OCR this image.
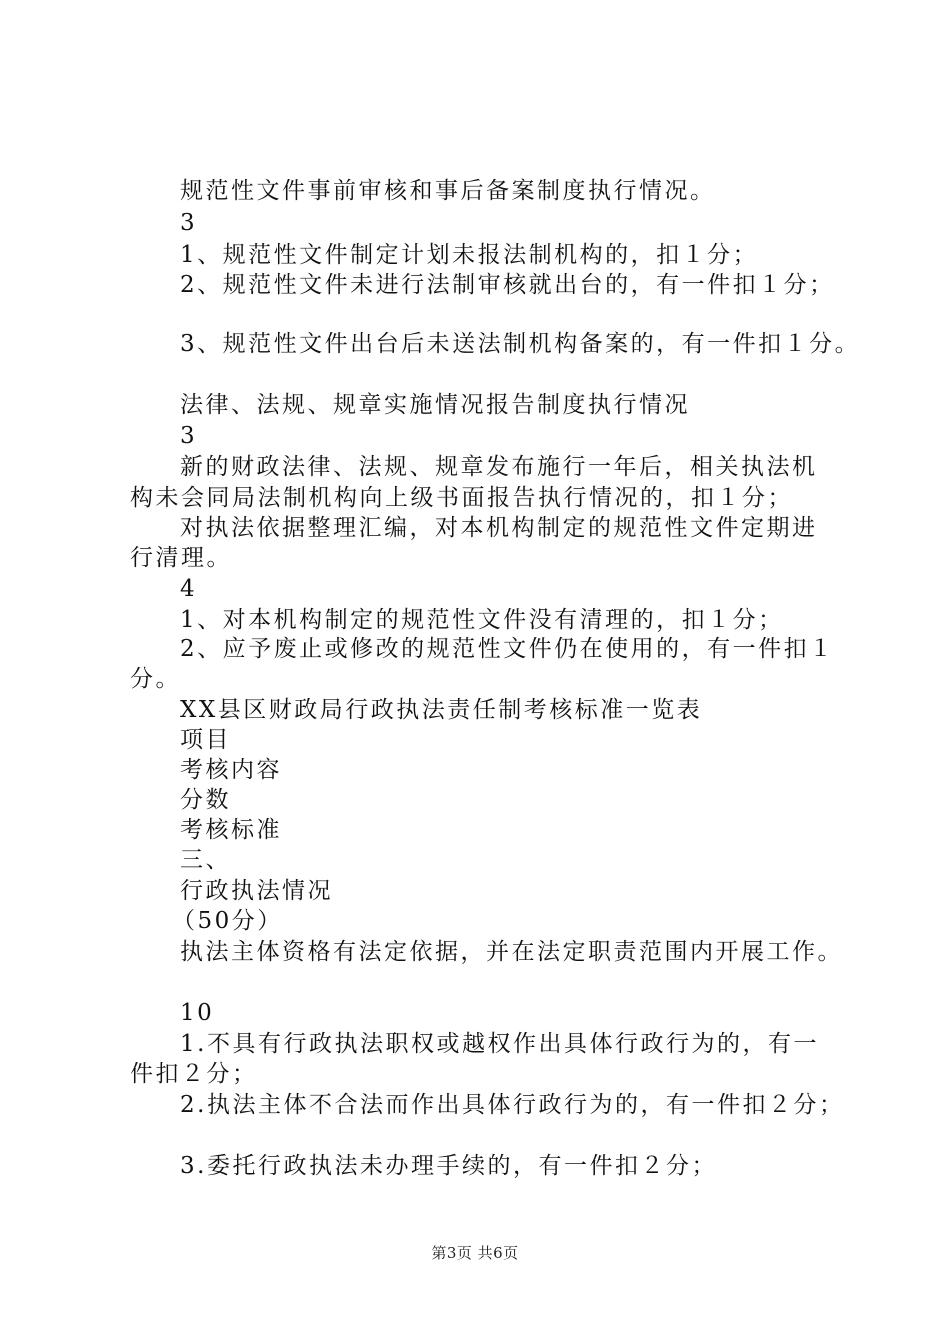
规范性文件事前审核和事后备案制度执行情况。
3
1、规范性文件制定计划未报法制机构的，扣１分；
2、规范性文件未进行法制审核就出台的，有一件扣１分；
3、规范性文件出台后未送法制机构备案的，有一件扣１分。
法律、法规、规章实施情况报告制度执行情况
3
新的财政法律、法规、规章发布施行一年后，相关执法机
构未会同局法制机构向上级书面报告执行情况的，扣１分；
对执法依据整理汇编，对本机构制定的规范性文件定期进
行清理。
4
1、对本机构制定的规范性文件没有清理的，扣１分；
2、应予废止或修改的规范性文件仍在使用的，有一件扣１
分。
XX县区财政局行政执法责任制考核标准一览表
项目
考核内容
分数
考核标准
三、
行政执法情况
（50分）
执法主体资格有法定依据，并在法定职责范围内开展工作。
10
1.不具有行政执法职权或越权作出具体行政行为的，有一
件扣２分；
2.执法主体不合法而作出具体行政行为的，有一件扣２分；
3.委托行政执法未办理手续的，有一件扣２分；
第3页 共6页
